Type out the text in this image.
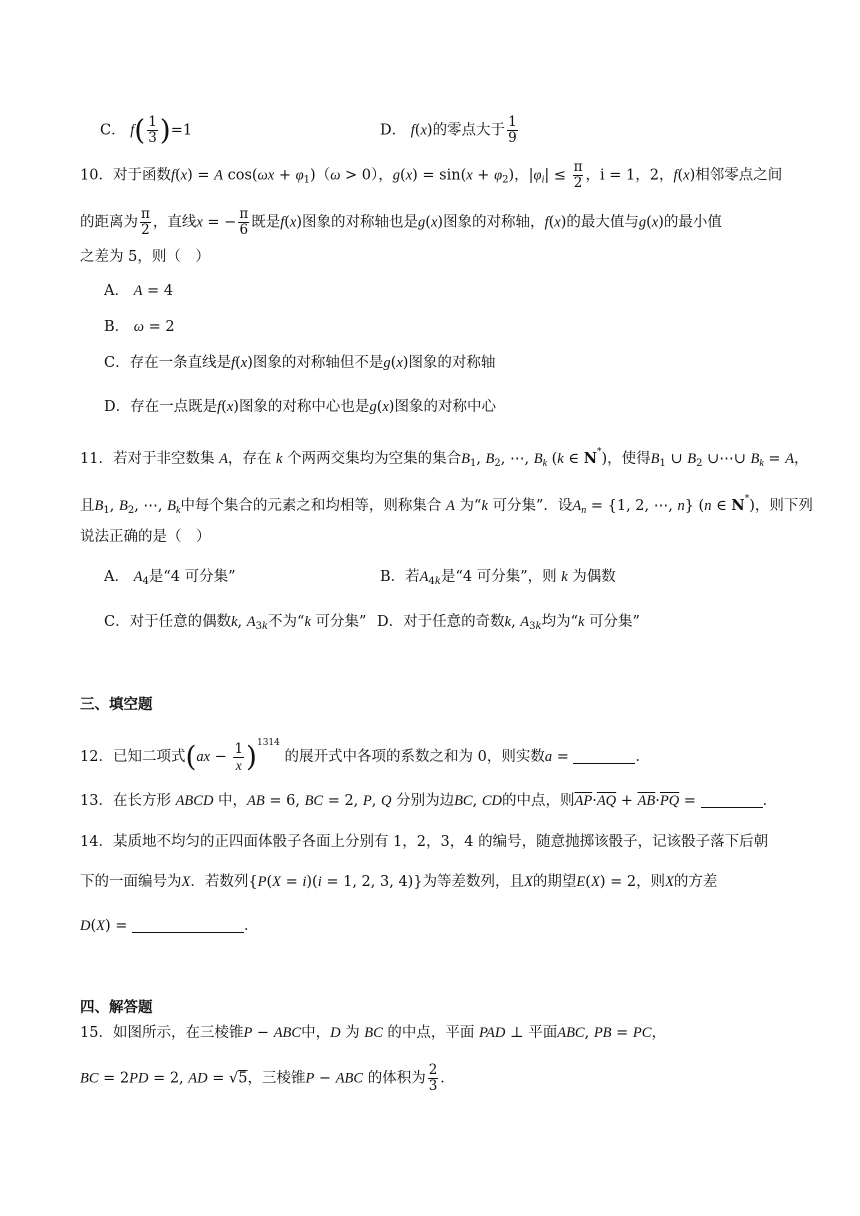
C． $f( \frac{1}{3} )=1$	D． f(x)的零点大于 $\frac{1}{9}$
10．对于函数f(x) = A $\cos(\omega x + \varphi_1)(\omega > 0)$，$g(x) = \sin(x + \varphi_2)$，$|\varphi_i| \le \frac{\pi}{2}$ ，i = 1，2，f(x)相邻零点之间
的距离为 $\frac{\pi}{2}$ ，直线x = − $\frac{\pi}{6}$ 既是f(x)图象的对称轴也是g(x)图象的对称轴，f(x)的最大值与g(x)的最小值
之差为 5，则（　）
A． A = 4
B． ω = 2
C．存在一条直线是f(x)图象的对称轴但不是g(x)图象的对称轴
D．存在一点既是f(x)图象的对称中心也是g(x)图象的对称中心
11．若对于非空数集 A，存在 k 个两两交集均为空集的集合$B_1$, $B_2$, ⋯, $B_k$ (k ∈ N*)，使得$B_1$ ∪ $B_2$ ∪⋯∪ $B_k = A$，
且$B_1$, $B_2$, ⋯, $B_k$中每个集合的元素之和均相等，则称集合 A 为“k 可分集”．设$A_n = \{1$, 2, ⋯, n} (n ∈ N*)，则下列
说法正确的是（　）
A． $A_4$是“4 可分集”	B．若$A_{4k}$是“4 可分集”，则 k 为偶数
C．对于任意的偶数k, $A_{3k}$不为“k 可分集” D．对于任意的奇数k, $A_{3k}$均为“k 可分集”
三、填空题
12．已知二项式$(ax - \frac{1}{x} )^{1314}$ 的展开式中各项的系数之和为 0，则实数a =	．
13．在长方形 ABCD 中，AB = 6, BC = 2, P, Q 分别为边BC, CD的中点，则$\overline{AP}\cdot\overline{AQ} + \overline{AB}\cdot\overline{PQ}$ =	．
14．某质地不均匀的正四面体骰子各面上分别有 1，2，3，4 的编号，随意抛掷该骰子，记该骰子落下后朝
下的一面编号为X．若数列{P(X = i)(i = 1, 2, 3, 4)}为等差数列，且X的期望E(X) = 2，则X的方差
D(X) =	．
四、解答题
15．如图所示，在三棱锥P − ABC中，D 为 BC 的中点，平面 PAD ⊥ 平面ABC, PB = PC，
BC = 2PD = 2, AD = √5，三棱锥P − ABC 的体积为 $\frac{2}{3}$ ．
